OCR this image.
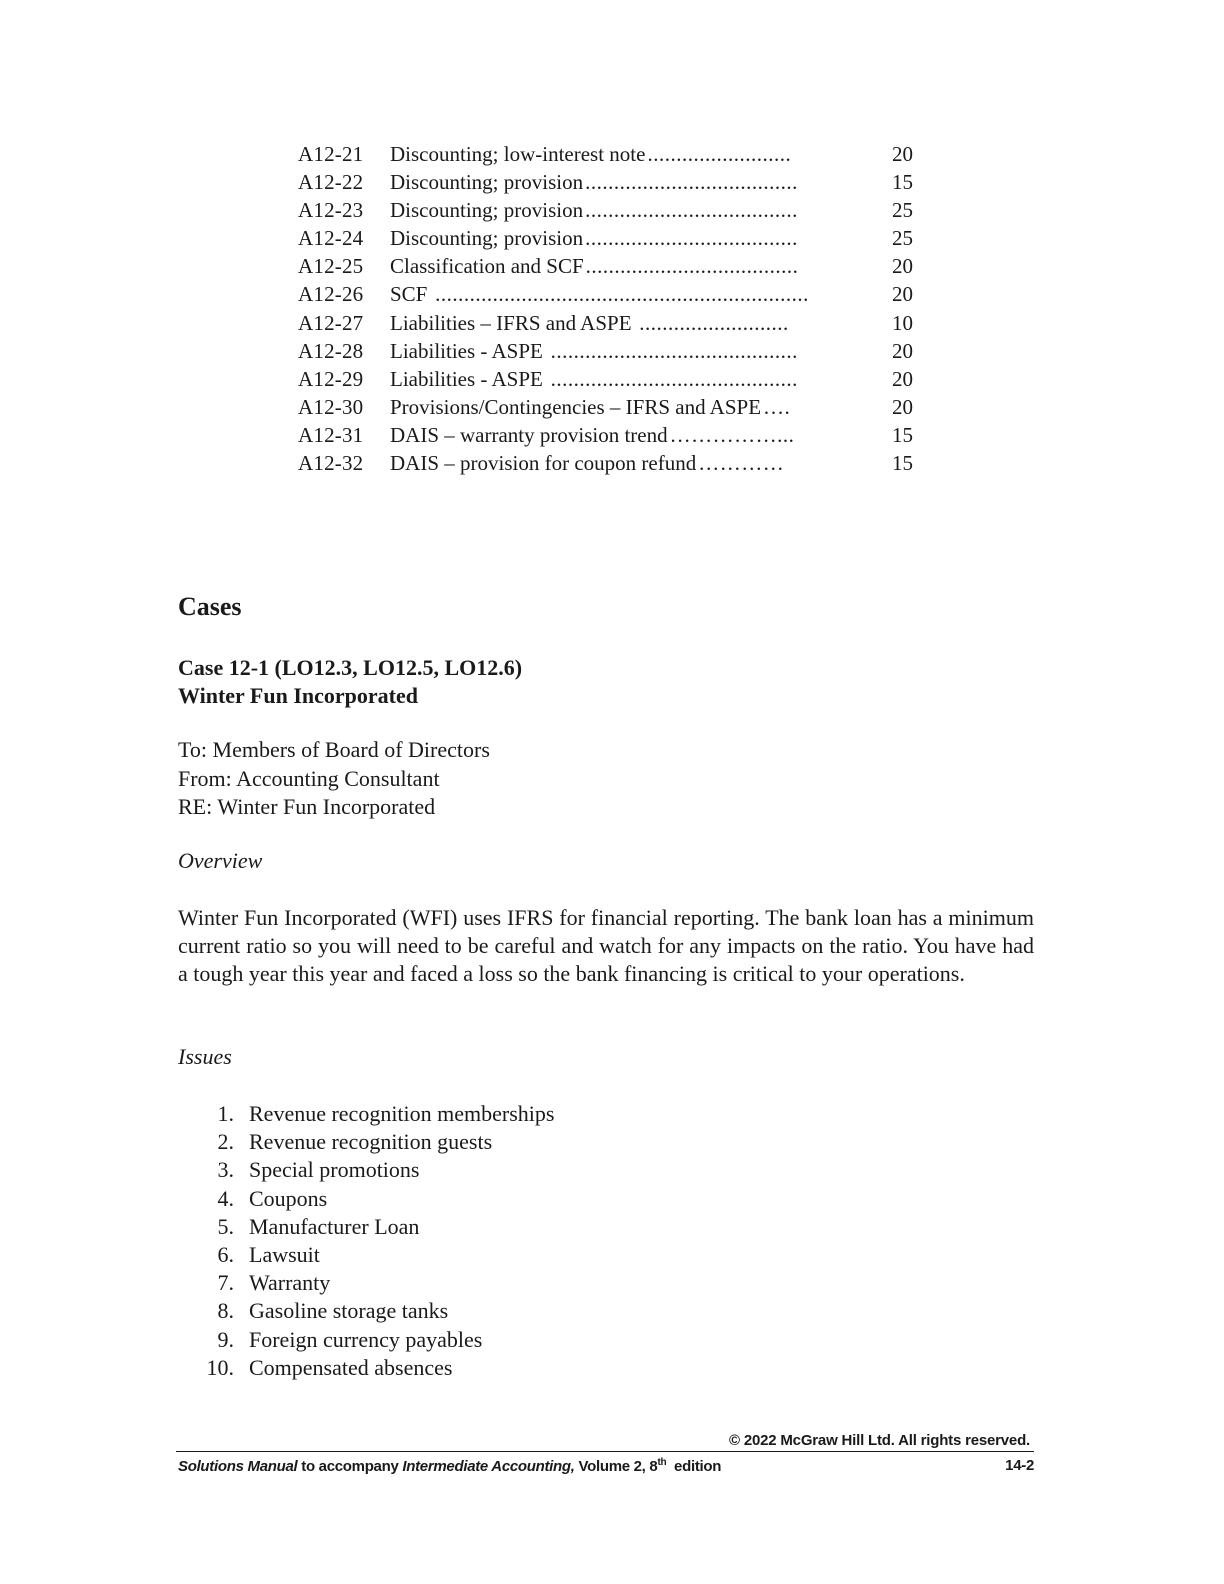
A12-21	Discounting; low-interest note.........................	20
A12-22	Discounting; provision.....................................	15
A12-23	Discounting; provision.....................................	25
A12-24	Discounting; provision.....................................	25
A12-25	Classification and SCF.....................................	20
A12-26	SCF .................................................................	20
A12-27	Liabilities – IFRS and ASPE ..........................	10
A12-28	Liabilities - ASPE ...........................................	20
A12-29	Liabilities - ASPE ...........................................	20
A12-30	Provisions/Contingencies – IFRS and ASPE….	20
A12-31	DAIS – warranty provision trend……………...	15
A12-32	DAIS – provision for coupon refund…………	15
Cases
Case 12-1 (LO12.3, LO12.5, LO12.6)
Winter Fun Incorporated
To: Members of Board of Directors
From: Accounting Consultant
RE: Winter Fun Incorporated
Overview
Winter Fun Incorporated (WFI) uses IFRS for financial reporting. The bank loan has a minimum current ratio so you will need to be careful and watch for any impacts on the ratio. You have had a tough year this year and faced a loss so the bank financing is critical to your operations.
Issues
1. Revenue recognition memberships
2. Revenue recognition guests
3. Special promotions
4. Coupons
5. Manufacturer Loan
6. Lawsuit
7. Warranty
8. Gasoline storage tanks
9. Foreign currency payables
10. Compensated absences
© 2022 McGraw Hill Ltd. All rights reserved.
Solutions Manual to accompany Intermediate Accounting, Volume 2, 8th  edition	14-2
